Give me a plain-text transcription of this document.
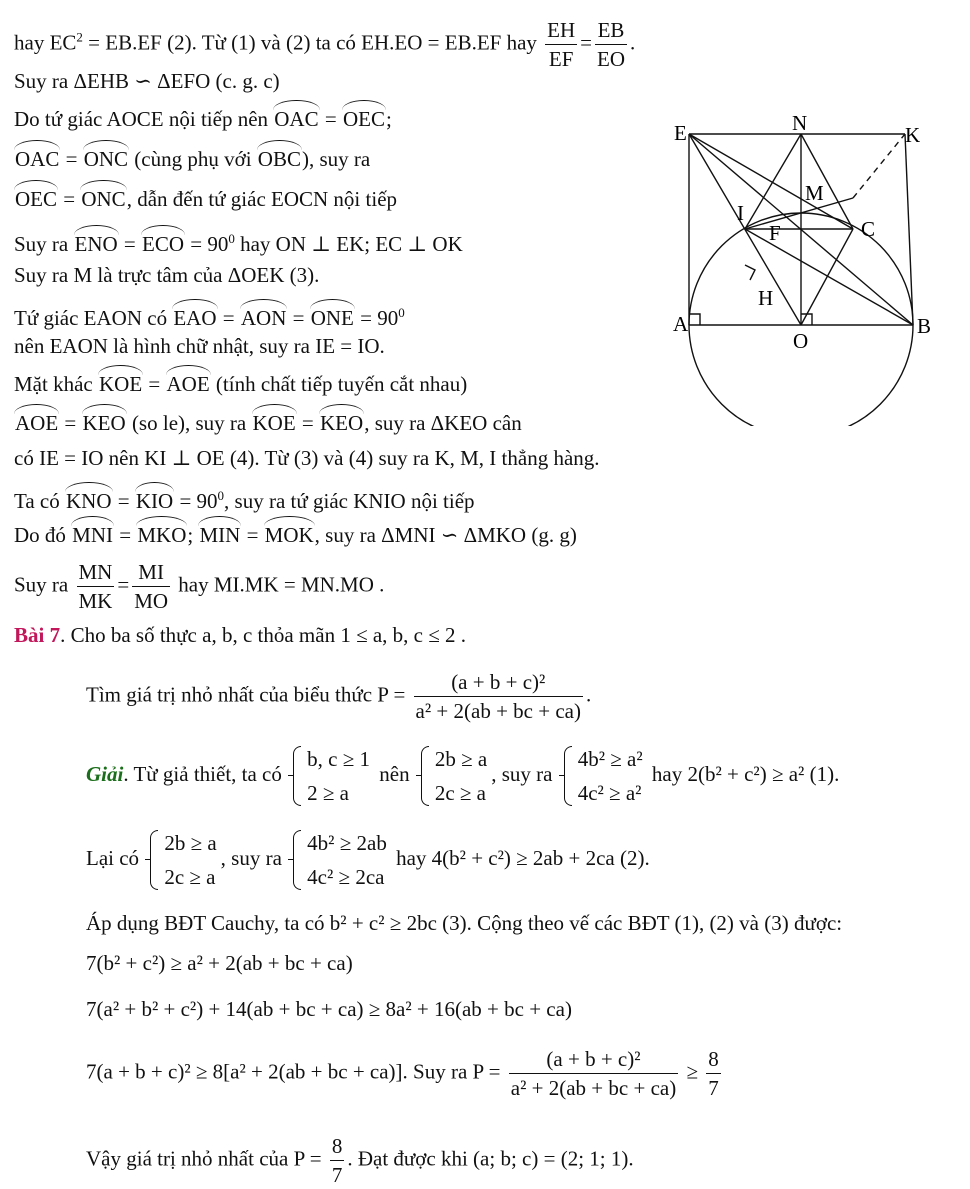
hay $EC^2 = EB.EF$ (2). Từ (1) và (2) ta có EH.EO = EB.EF hay $\frac{EH}{EF} = \frac{EB}{EO}$ .
Suy ra ΔEHB ∽ ΔEFO (c. g. c)
Do tứ giác AOCE nội tiếp nên OAC = OEC;
OAC = ONC (cùng phụ với OBC), suy ra
OEC = ONC, dẫn đến tứ giác EOCN nội tiếp
Suy ra ENO = ECO = $90^0$ hay ON ⊥ EK; EC ⊥ OK
Suy ra M là trực tâm của ΔOEK (3).
Tứ giác EAON có EAO = AON = ONE = $90^0$
nên EAON là hình chữ nhật, suy ra IE = IO.
Mặt khác KOE = AOE (tính chất tiếp tuyến cắt nhau)
AOE = KEO (so le), suy ra KOE = KEO, suy ra ΔKEO cân
có IE = IO nên KI ⊥ OE (4). Từ (3) và (4) suy ra K, M, I thẳng hàng.
Ta có KNO = KIO = $90^0$, suy ra tứ giác KNIO nội tiếp
Do đó MNI = MKO; MIN = MOK, suy ra ΔMNI ∽ ΔMKO (g. g)
Suy ra $\frac{MN}{MK} = \frac{MI}{MO}$ hay MI.MK = MN.MO .
Bài 7. Cho ba số thực a, b, c thỏa mãn 1 ≤ a, b, c ≤ 2 .
Tìm giá trị nhỏ nhất của biểu thức $P = \frac{\text{(a + b + c)²}}{\text{a² + 2(ab + bc + ca)}}$ .
Giải. Từ giả thiết, ta có
b, c ≥ 1
2 ≥ a
nên
2b ≥ a
2c ≥ a
, suy ra
4b² ≥ a²
4c² ≥ a²
hay 2(b² + c²) ≥ a² (1).
Lại có
2b ≥ a
2c ≥ a
, suy ra
4b² ≥ 2ab
4c² ≥ 2ca
hay 4(b² + c²) ≥ 2ab + 2ca (2).
Áp dụng BĐT Cauchy, ta có b² + c² ≥ 2bc (3). Cộng theo vế các BĐT (1), (2) và (3) được:
7(b² + c²) ≥ a² + 2(ab + bc + ca)
7(a² + b² + c²) + 14(ab + bc + ca) ≥ 8a² + 16(ab + bc + ca)
7(a + b + c)² ≥ 8[a² + 2(ab + bc + ca)]. Suy ra $P = \frac{\text{(a + b + c)²}}{\text{a² + 2(ab + bc + ca)}} \ge \frac{8}{7}$
Vậy giá trị nhỏ nhất của $P = \frac{8}{7}$ . Đạt được khi (a; b; c) = (2; 1; 1).
E	N	K
M
I
F	C
H
A
O
B
